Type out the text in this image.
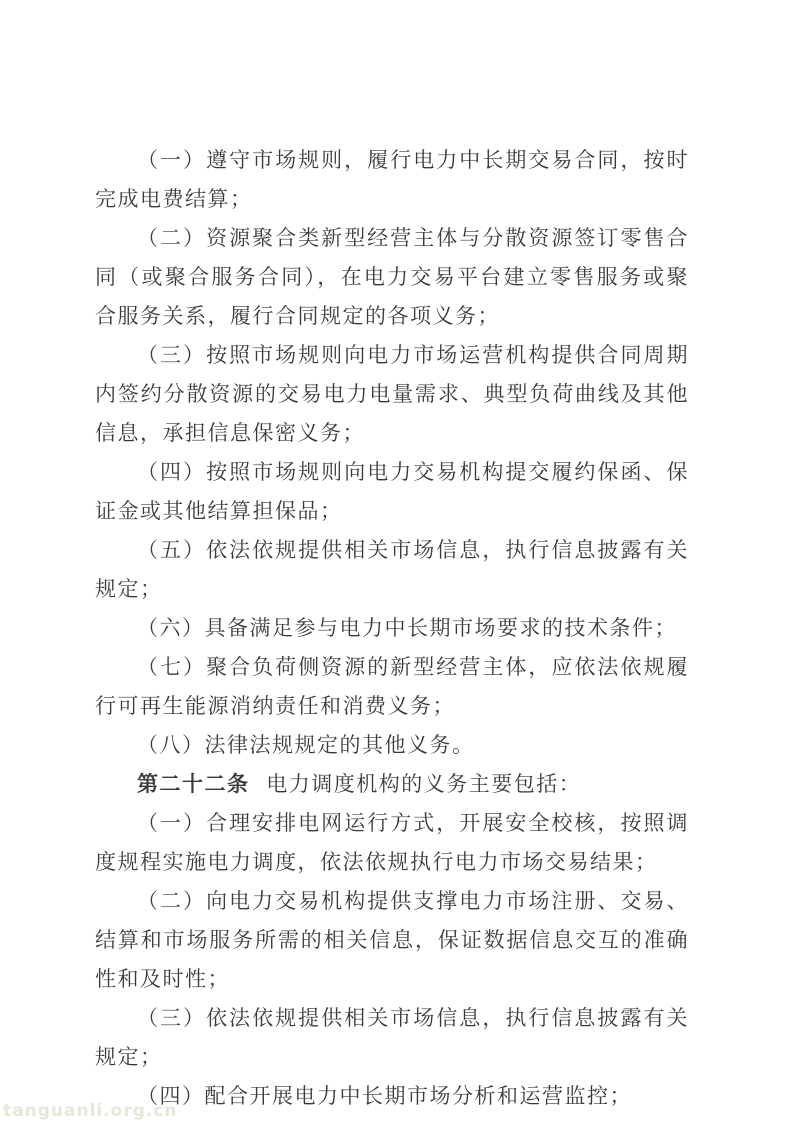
（一）遵守市场规则，履行电力中长期交易合同，按时完成电费结算；

（二）资源聚合类新型经营主体与分散资源签订零售合同（或聚合服务合同），在电力交易平台建立零售服务或聚合服务关系，履行合同规定的各项义务；

（三）按照市场规则向电力市场运营机构提供合同周期内签约分散资源的交易电力电量需求、典型负荷曲线及其他信息，承担信息保密义务；

（四）按照市场规则向电力交易机构提交履约保函、保证金或其他结算担保品；

（五）依法依规提供相关市场信息，执行信息披露有关规定；

（六）具备满足参与电力中长期市场要求的技术条件；

（七）聚合负荷侧资源的新型经营主体，应依法依规履行可再生能源消纳责任和消费义务；

（八）法律法规规定的其他义务。

第二十二条 电力调度机构的义务主要包括：

（一）合理安排电网运行方式，开展安全校核，按照调度规程实施电力调度，依法依规执行电力市场交易结果；

（二）向电力交易机构提供支撑电力市场注册、交易、结算和市场服务所需的相关信息，保证数据信息交互的准确性和及时性；

（三）依法依规提供相关市场信息，执行信息披露有关规定；

（四）配合开展电力中长期市场分析和运营监控；

tanguanli.org.cn
